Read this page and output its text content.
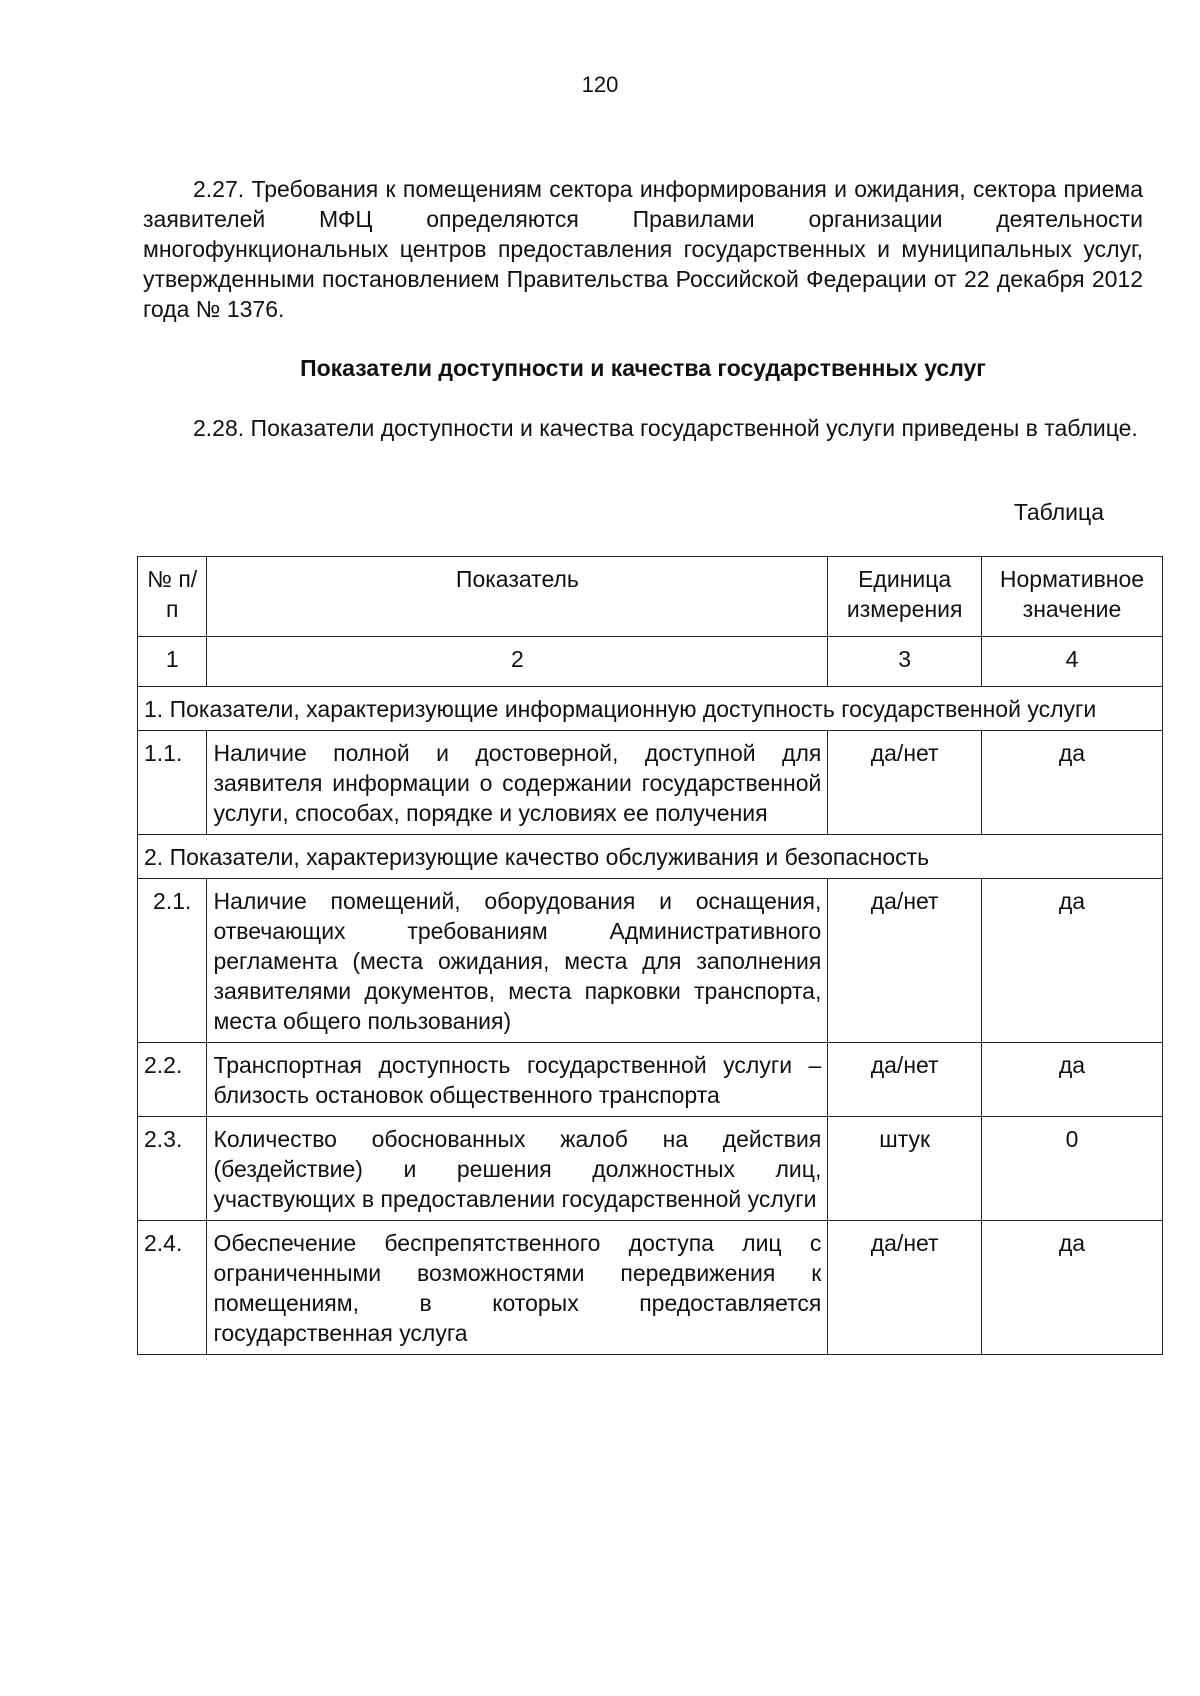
120

2.27. Требования к помещениям сектора информирования и ожидания, сектора приема заявителей МФЦ определяются Правилами организации деятельности многофункциональных центров предоставления государственных и муниципальных услуг, утвержденными постановлением Правительства Российской Федерации от 22 декабря 2012 года № 1376.

Показатели доступности и качества государственных услуг

2.28. Показатели доступности и качества государственной услуги приведены в таблице.

Таблица
№ п/п	Показатель	Единица измерения	Нормативное значение
1	2	3	4
1. Показатели, характеризующие информационную доступность государственной услуги			
1.1.	Наличие полной и достоверной, доступной для заявителя информации о содержании государственной услуги, способах, порядке и условиях ее получения	да/нет	да
2. Показатели, характеризующие качество обслуживания и безопасность			
2.1.	Наличие помещений, оборудования и оснащения, отвечающих требованиям Административного регламента (места ожидания, места для заполнения заявителями документов, места парковки транспорта, места общего пользования)	да/нет	да
2.2.	Транспортная доступность государственной услуги – близость остановок общественного транспорта	да/нет	да
2.3.	Количество обоснованных жалоб на действия (бездействие) и решения должностных лиц, участвующих в предоставлении государственной услуги	штук	0
2.4.	Обеспечение беспрепятственного доступа лиц с ограниченными возможностями передвижения к помещениям, в которых предоставляется государственная услуга	да/нет	да
